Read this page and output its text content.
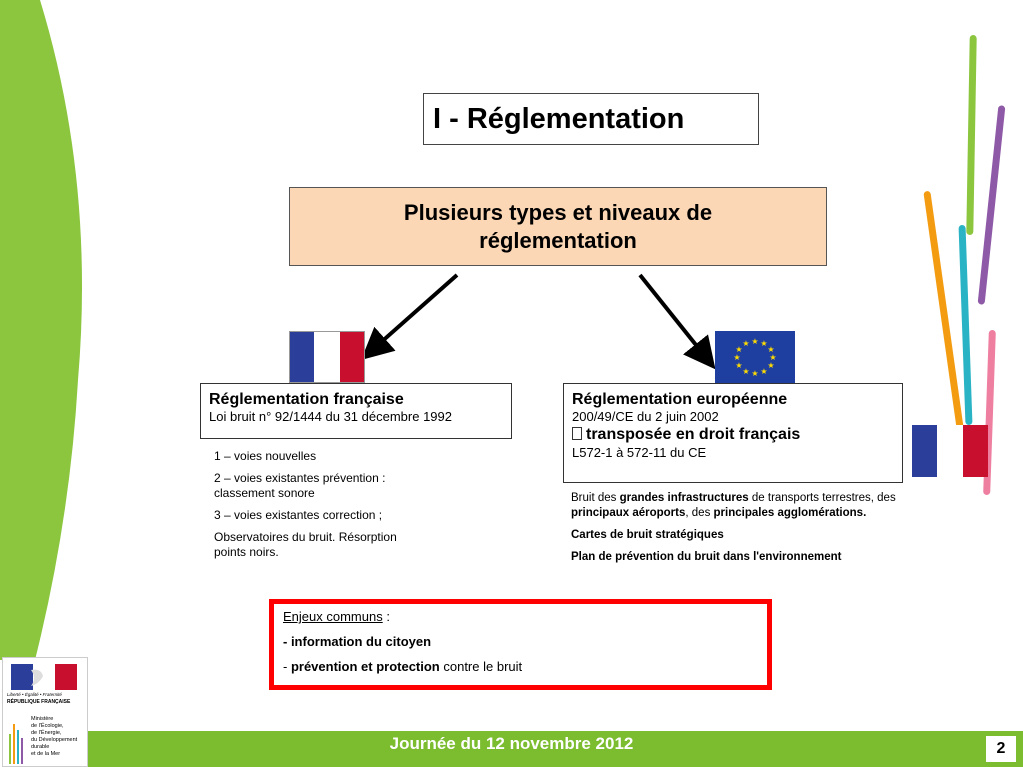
I - Réglementation
Plusieurs types et niveaux de réglementation
★ ★
★
★
★
★
★
★
★
★
★
★
Réglementation française
Loi bruit n° 92/1444 du 31 décembre 1992

1 – voies nouvelles

2 – voies existantes prévention : classement sonore

3 – voies existantes correction ;

Observatoires du bruit. Résorption points noirs.

Réglementation européenne
200/49/CE du 2 juin 2002
transposée en droit français
L572-1 à 572-11 du CE

Bruit des grandes infrastructures de transports terrestres, des principaux aéroports, des principales agglomérations.

Cartes de bruit stratégiques

Plan de prévention du bruit dans l'environnement

Enjeux communs :

- information du citoyen

- prévention et protection contre le bruit

Liberté • Égalité • Fraternité
RÉPUBLIQUE FRANÇAISE
Ministère
de l'Écologie,
de l'Énergie,
du Développement
durable
et de la Mer
Journée du 12 novembre 2012	2
